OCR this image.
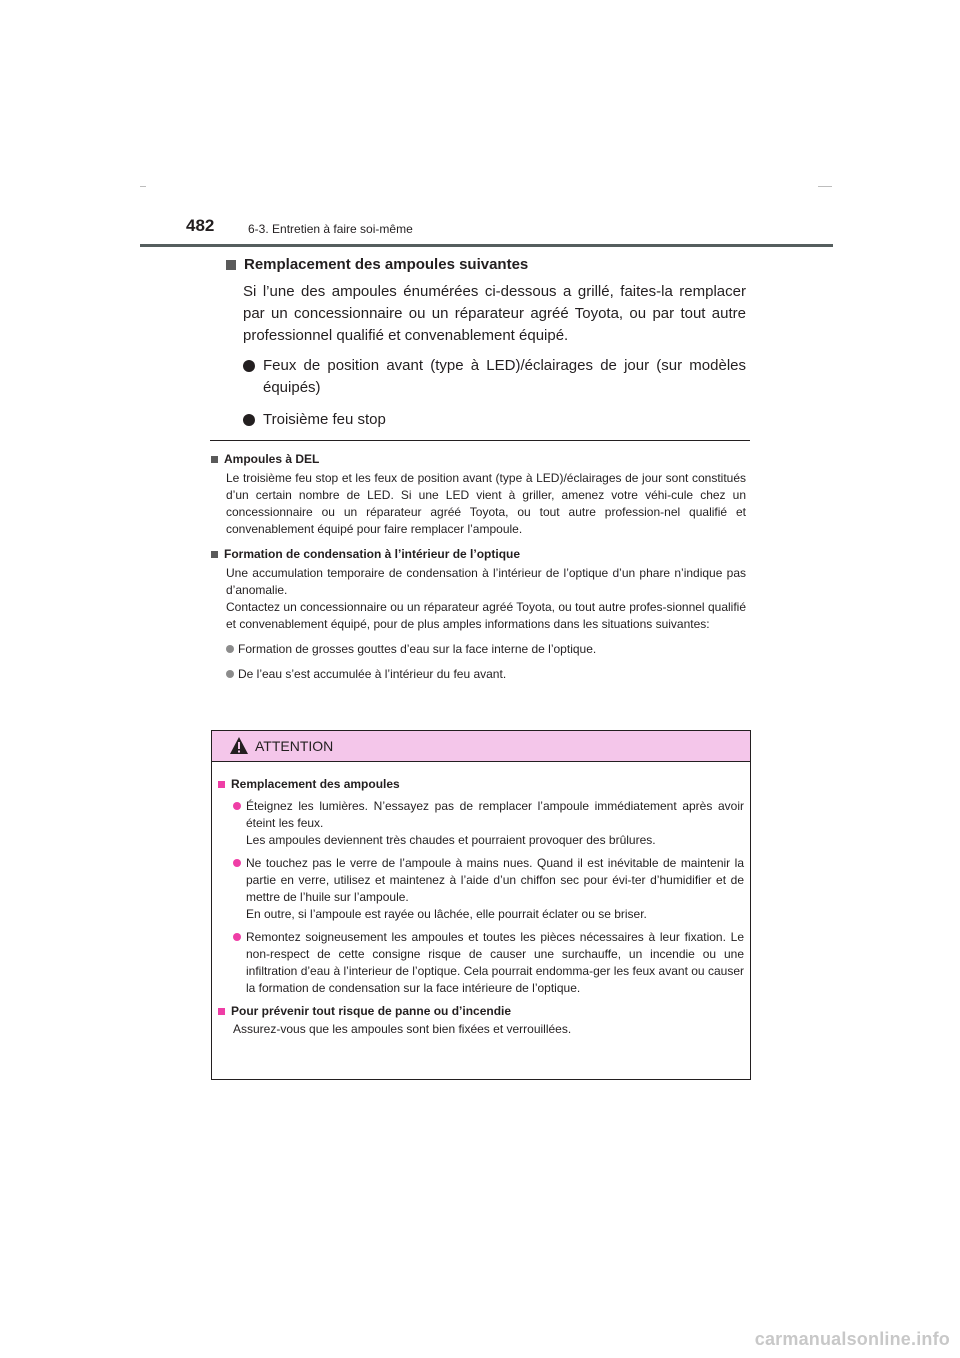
482	6-3. Entretien à faire soi-même
Remplacement des ampoules suivantes
Si l’une des ampoules énumérées ci-dessous a grillé, faites-la remplacer par un concessionnaire ou un réparateur agréé Toyota, ou par tout autre professionnel qualifié et convenablement équipé.
Feux de position avant (type à LED)/éclairages de jour (sur modèles équipés)
Troisième feu stop
Ampoules à DEL
Le troisième feu stop et les feux de position avant (type à LED)/éclairages de jour sont constitués d’un certain nombre de LED. Si une LED vient à griller, amenez votre véhi-cule chez un concessionnaire ou un réparateur agréé Toyota, ou tout autre profession-nel qualifié et convenablement équipé pour faire remplacer l’ampoule.
Formation de condensation à l’intérieur de l’optique
Une accumulation temporaire de condensation à l’intérieur de l’optique d’un phare n’indique pas d’anomalie.
Contactez un concessionnaire ou un réparateur agréé Toyota, ou tout autre profes-sionnel qualifié et convenablement équipé, pour de plus amples informations dans les situations suivantes:
Formation de grosses gouttes d’eau sur la face interne de l’optique.
De l’eau s’est accumulée à l’intérieur du feu avant.
ATTENTION
Remplacement des ampoules
Éteignez les lumières. N’essayez pas de remplacer l’ampoule immédiatement après avoir éteint les feux.
Les ampoules deviennent très chaudes et pourraient provoquer des brûlures.
Ne touchez pas le verre de l’ampoule à mains nues. Quand il est inévitable de maintenir la partie en verre, utilisez et maintenez à l’aide d’un chiffon sec pour évi-ter d’humidifier et de mettre de l’huile sur l’ampoule.
En outre, si l’ampoule est rayée ou lâchée, elle pourrait éclater ou se briser.
Remontez soigneusement les ampoules et toutes les pièces nécessaires à leur fixation. Le non-respect de cette consigne risque de causer une surchauffe, un incendie ou une infiltration d’eau à l’interieur de l’optique. Cela pourrait endomma-ger les feux avant ou causer la formation de condensation sur la face intérieure de l’optique.
Pour prévenir tout risque de panne ou d’incendie
Assurez-vous que les ampoules sont bien fixées et verrouillées.
carmanualsonline.info
